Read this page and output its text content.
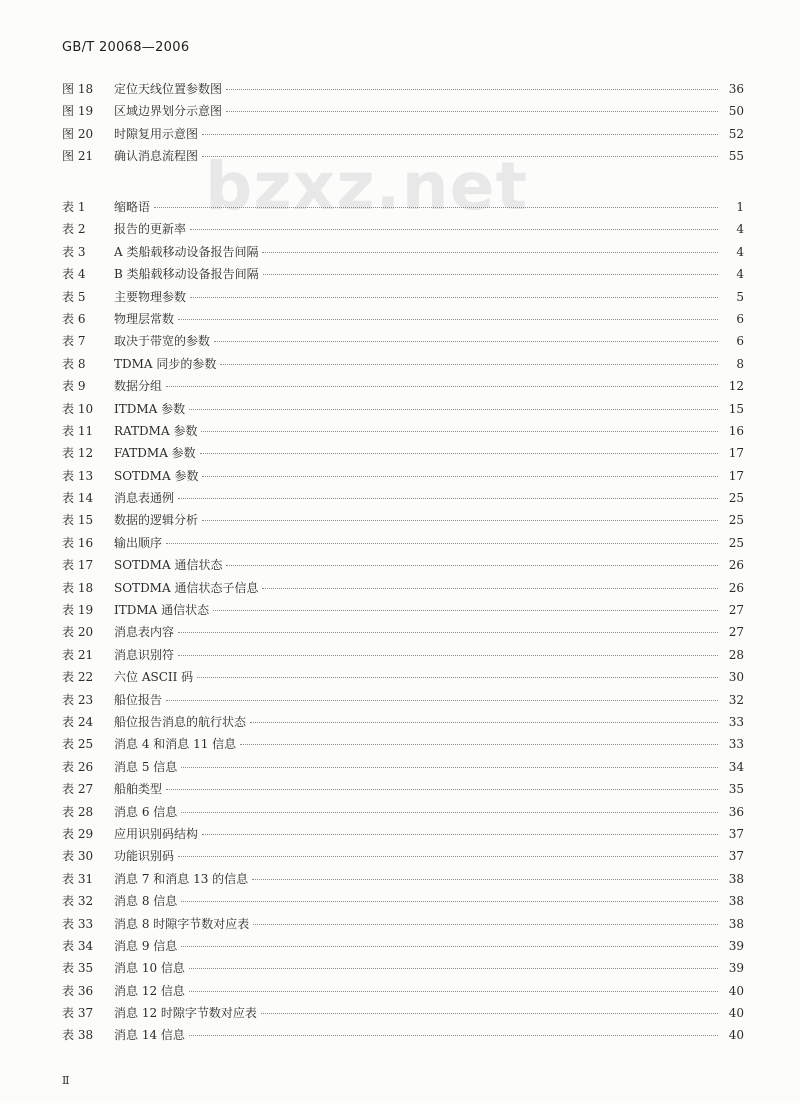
GB/T 20068—2006
bzxz.net
图 18	定位天线位置参数图	36
图 19	区域边界划分示意图	50
图 20	时隙复用示意图	52
图 21	确认消息流程图	55
表 1	缩略语	1
表 2	报告的更新率	4
表 3	A 类船载移动设备报告间隔	4
表 4	B 类船载移动设备报告间隔	4
表 5	主要物理参数	5
表 6	物理层常数	6
表 7	取决于带宽的参数	6
表 8	TDMA 同步的参数	8
表 9	数据分组	12
表 10	ITDMA 参数	15
表 11	RATDMA 参数	16
表 12	FATDMA 参数	17
表 13	SOTDMA 参数	17
表 14	消息表通例	25
表 15	数据的逻辑分析	25
表 16	输出顺序	25
表 17	SOTDMA 通信状态	26
表 18	SOTDMA 通信状态子信息	26
表 19	ITDMA 通信状态	27
表 20	消息表内容	27
表 21	消息识别符	28
表 22	六位 ASCII 码	30
表 23	船位报告	32
表 24	船位报告消息的航行状态	33
表 25	消息 4 和消息 11 信息	33
表 26	消息 5 信息	34
表 27	船舶类型	35
表 28	消息 6 信息	36
表 29	应用识别码结构	37
表 30	功能识别码	37
表 31	消息 7 和消息 13 的信息	38
表 32	消息 8 信息	38
表 33	消息 8 时隙字节数对应表	38
表 34	消息 9 信息	39
表 35	消息 10 信息	39
表 36	消息 12 信息	40
表 37	消息 12 时隙字节数对应表	40
表 38	消息 14 信息	40
Ⅱ
